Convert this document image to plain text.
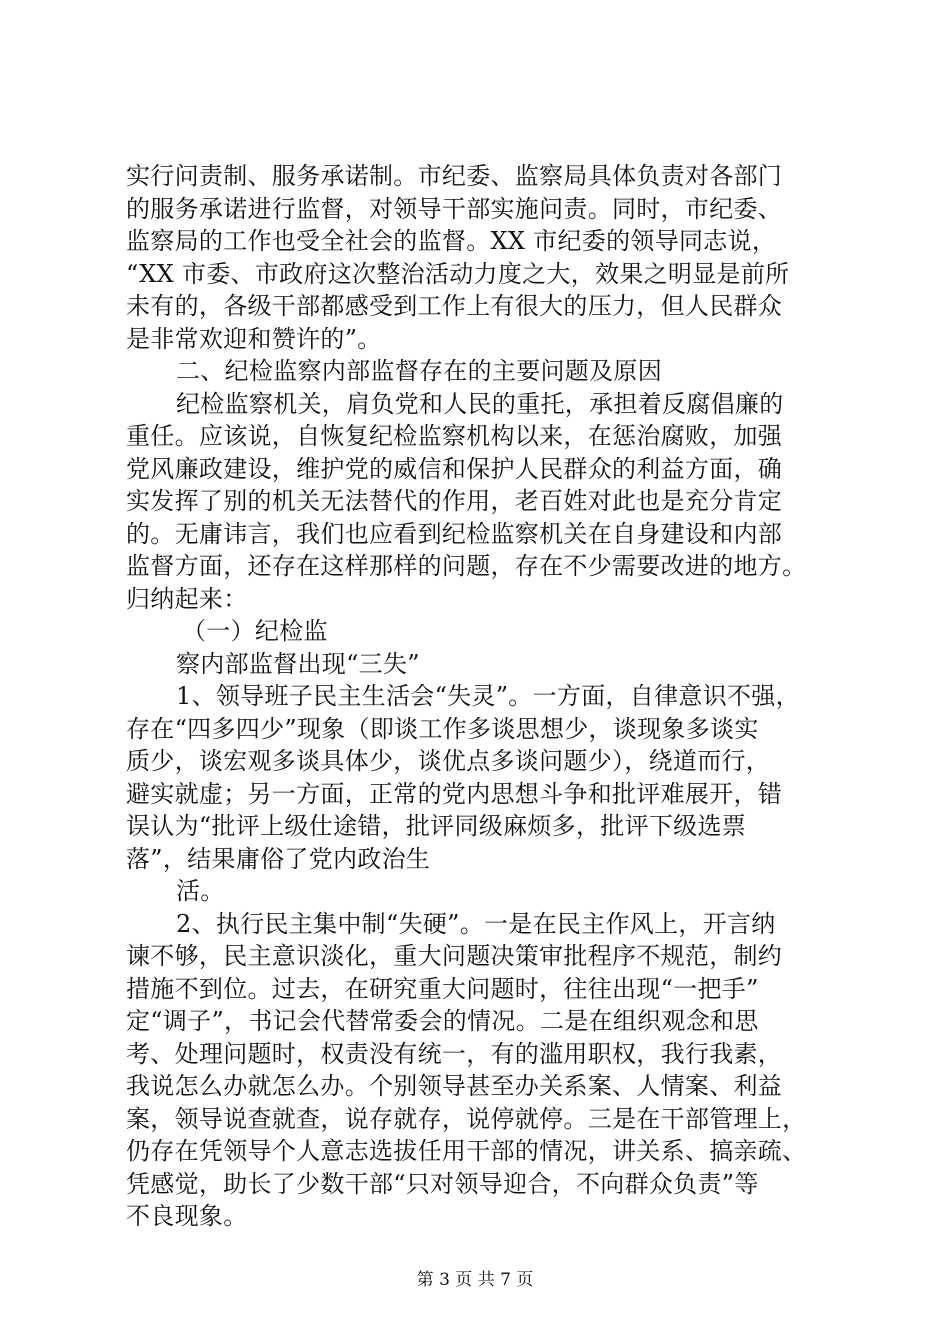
实行问责制、服务承诺制。市纪委、监察局具体负责对各部门
的服务承诺进行监督，对领导干部实施问责。同时，市纪委、
监察局的工作也受全社会的监督。XX 市纪委的领导同志说，
“XX 市委、市政府这次整治活动力度之大，效果之明显是前所
未有的，各级干部都感受到工作上有很大的压力，但人民群众
是非常欢迎和赞许的”。
二、纪检监察内部监督存在的主要问题及原因
纪检监察机关，肩负党和人民的重托，承担着反腐倡廉的
重任。应该说，自恢复纪检监察机构以来，在惩治腐败，加强
党风廉政建设，维护党的威信和保护人民群众的利益方面，确
实发挥了别的机关无法替代的作用，老百姓对此也是充分肯定
的。无庸讳言，我们也应看到纪检监察机关在自身建设和内部
监督方面，还存在这样那样的问题，存在不少需要改进的地方。
归纳起来：
（一）纪检监
察内部监督出现“三失”
1、领导班子民主生活会“失灵”。一方面，自律意识不强，
存在“四多四少”现象（即谈工作多谈思想少，谈现象多谈实
质少，谈宏观多谈具体少，谈优点多谈问题少），绕道而行，
避实就虚；另一方面，正常的党内思想斗争和批评难展开，错
误认为“批评上级仕途错，批评同级麻烦多，批评下级选票
落”，结果庸俗了党内政治生
活。
2、执行民主集中制“失硬”。一是在民主作风上，开言纳
谏不够，民主意识淡化，重大问题决策审批程序不规范，制约
措施不到位。过去，在研究重大问题时，往往出现“一把手”
定“调子”，书记会代替常委会的情况。二是在组织观念和思
考、处理问题时，权责没有统一，有的滥用职权，我行我素，
我说怎么办就怎么办。个别领导甚至办关系案、人情案、利益
案，领导说查就查，说存就存，说停就停。三是在干部管理上，
仍存在凭领导个人意志选拔任用干部的情况，讲关系、搞亲疏、
凭感觉，助长了少数干部“只对领导迎合，不向群众负责”等
不良现象。
第 3 页 共 7 页
